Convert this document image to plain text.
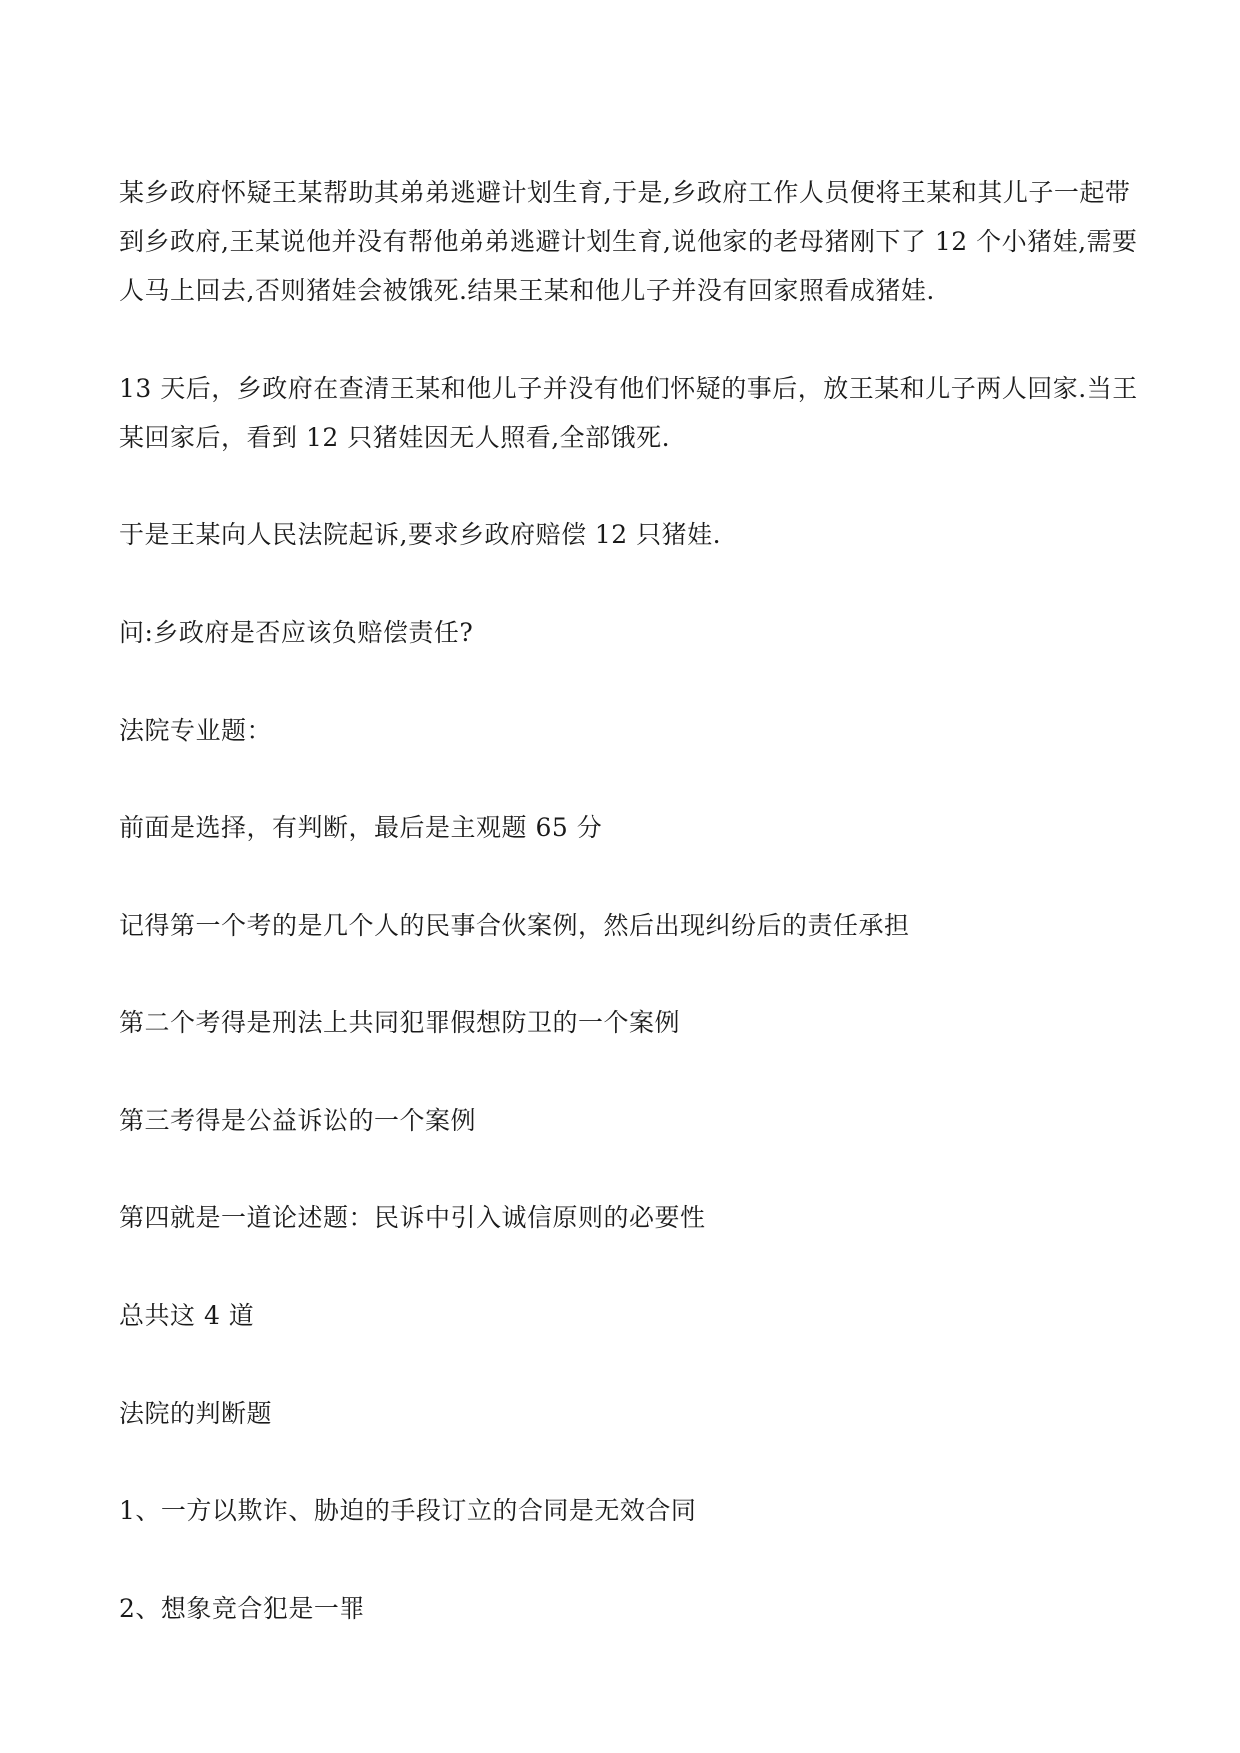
某乡政府怀疑王某帮助其弟弟逃避计划生育,于是,乡政府工作人员便将王某和其儿子一起带
到乡政府,王某说他并没有帮他弟弟逃避计划生育,说他家的老母猪刚下了 12 个小猪娃,需要
人马上回去,否则猪娃会被饿死.结果王某和他儿子并没有回家照看成猪娃.

13 天后，乡政府在查清王某和他儿子并没有他们怀疑的事后，放王某和儿子两人回家.当王
某回家后，看到 12 只猪娃因无人照看,全部饿死.

于是王某向人民法院起诉,要求乡政府赔偿 12 只猪娃.

问:乡政府是否应该负赔偿责任?

法院专业题：

前面是选择，有判断，最后是主观题 65 分

记得第一个考的是几个人的民事合伙案例，然后出现纠纷后的责任承担

第二个考得是刑法上共同犯罪假想防卫的一个案例

第三考得是公益诉讼的一个案例

第四就是一道论述题：民诉中引入诚信原则的必要性

总共这 4 道

法院的判断题

1、一方以欺诈、胁迫的手段订立的合同是无效合同

2、想象竞合犯是一罪
